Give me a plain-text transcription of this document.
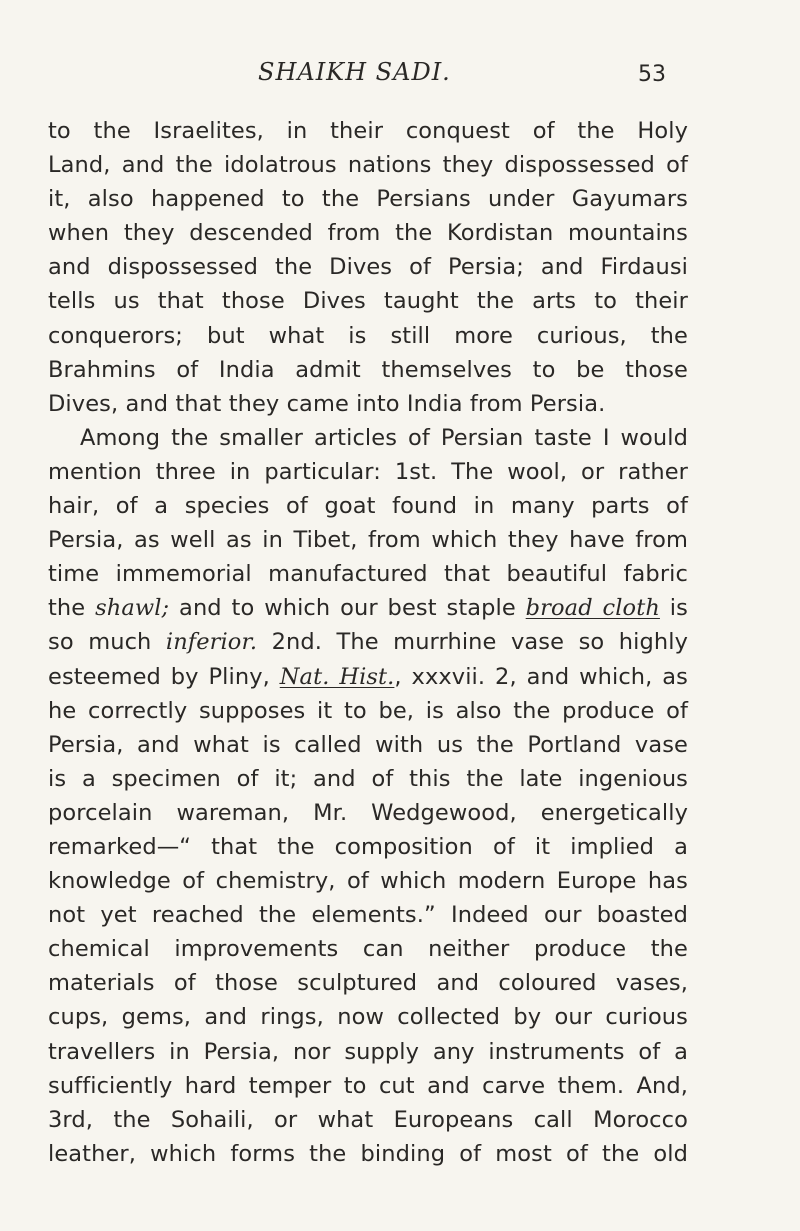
SHAIKH SADI.	53
to the Israelites, in their conquest of the Holy
Land, and the idolatrous nations they dispossessed of
it, also happened to the Persians under Gayumars
when they descended from the Kordistan mountains
and dispossessed the Dives of Persia; and Firdausi
tells us that those Dives taught the arts to their
conquerors; but what is still more curious, the
Brahmins of India admit themselves to be those
Dives, and that they came into India from Persia.
Among the smaller articles of Persian taste I would
mention three in particular: 1st. The wool, or rather
hair, of a species of goat found in many parts of
Persia, as well as in Tibet, from which they have from
time immemorial manufactured that beautiful fabric
the shawl; and to which our best staple broad cloth is
so much inferior. 2nd. The murrhine vase so highly
esteemed by Pliny, Nat. Hist., xxxvii. 2, and which, as
he correctly supposes it to be, is also the produce of
Persia, and what is called with us the Portland vase
is a specimen of it; and of this the late ingenious
porcelain wareman, Mr. Wedgewood, energetically
remarked—“ that the composition of it implied a
knowledge of chemistry, of which modern Europe has
not yet reached the elements.” Indeed our boasted
chemical improvements can neither produce the
materials of those sculptured and coloured vases,
cups, gems, and rings, now collected by our curious
travellers in Persia, nor supply any instruments of a
sufficiently hard temper to cut and carve them. And,
3rd, the Sohaili, or what Europeans call Morocco
leather, which forms the binding of most of the old
